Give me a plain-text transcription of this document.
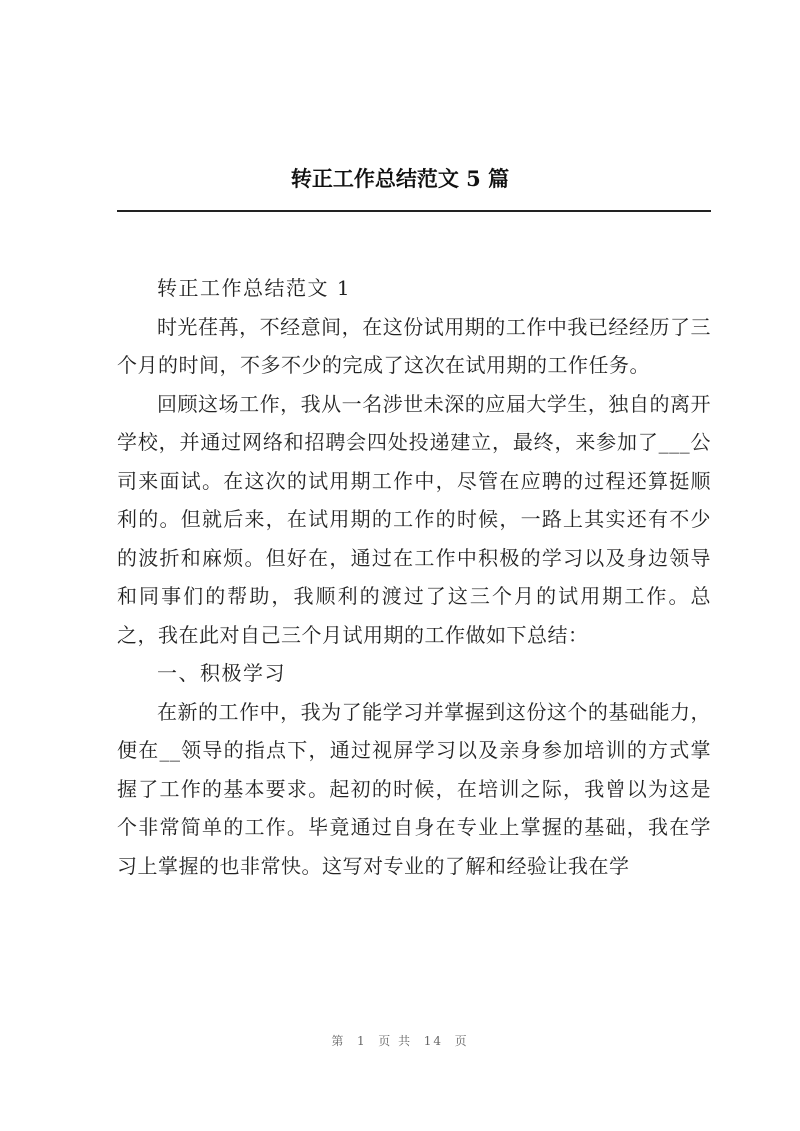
转正工作总结范文 5 篇

转正工作总结范文 1

时光荏苒，不经意间，在这份试用期的工作中我已经经历了三个月的时间，不多不少的完成了这次在试用期的工作任务。

回顾这场工作，我从一名涉世未深的应届大学生，独自的离开学校，并通过网络和招聘会四处投递建立，最终，来参加了___公司来面试。在这次的试用期工作中，尽管在应聘的过程还算挺顺利的。但就后来，在试用期的工作的时候，一路上其实还有不少的波折和麻烦。但好在，通过在工作中积极的学习以及身边领导和同事们的帮助，我顺利的渡过了这三个月的试用期工作。总之，我在此对自己三个月试用期的工作做如下总结：

一、积极学习

在新的工作中，我为了能学习并掌握到这份这个的基础能力，便在__领导的指点下，通过视屏学习以及亲身参加培训的方式掌握了工作的基本要求。起初的时候，在培训之际，我曾以为这是个非常简单的工作。毕竟通过自身在专业上掌握的基础，我在学习上掌握的也非常快。这写对专业的了解和经验让我在学

第  1  页 共  14  页
